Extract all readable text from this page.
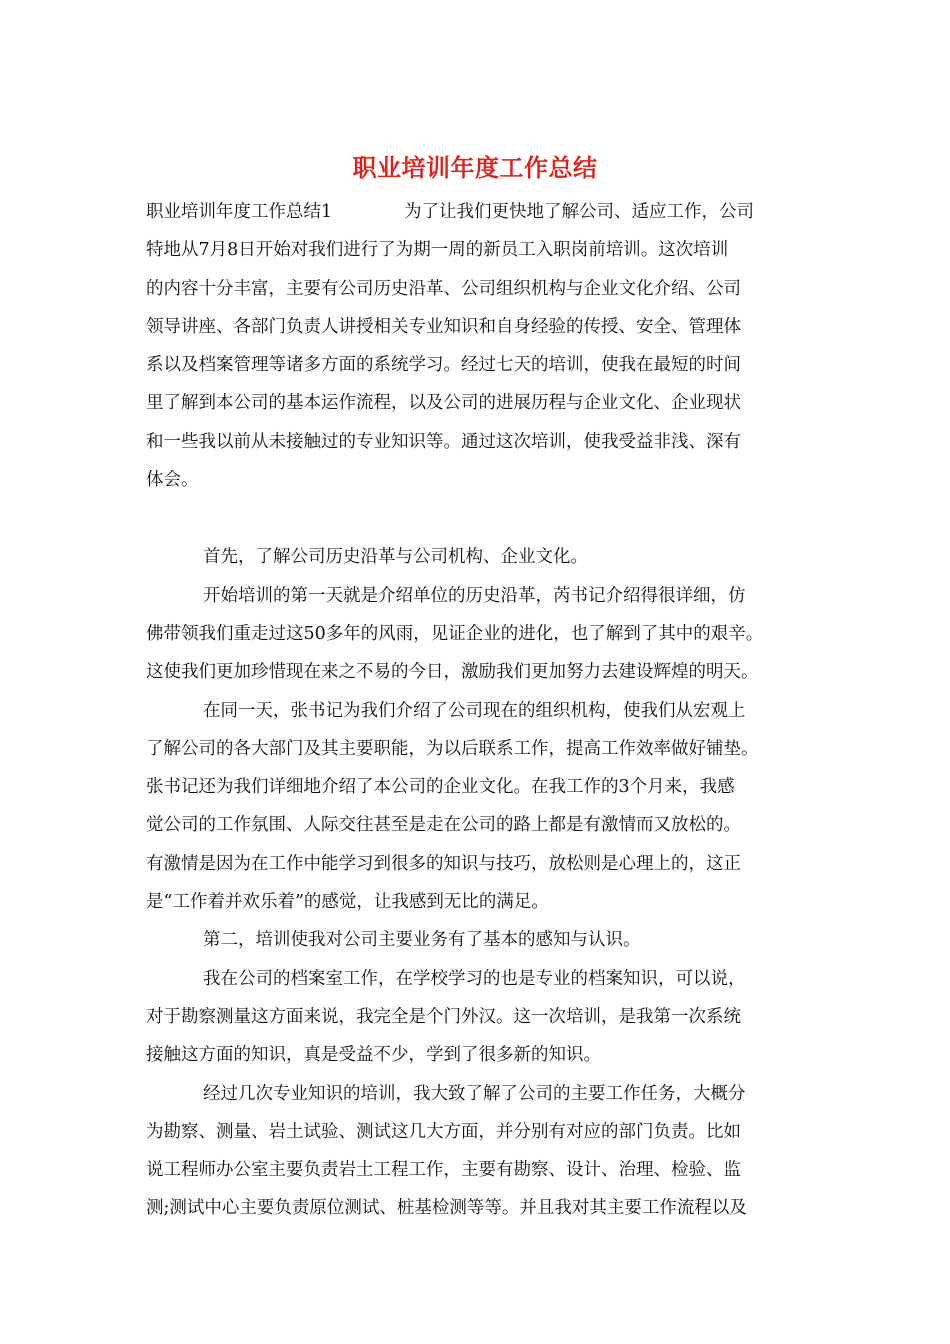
职业培训年度工作总结
职业培训年度工作总结1	为了让我们更快地了解公司、适应工作，公司
特地从7月8日开始对我们进行了为期一周的新员工入职岗前培训。这次培训
的内容十分丰富，主要有公司历史沿革、公司组织机构与企业文化介绍、公司
领导讲座、各部门负责人讲授相关专业知识和自身经验的传授、安全、管理体
系以及档案管理等诸多方面的系统学习。经过七天的培训，使我在最短的时间
里了解到本公司的基本运作流程，以及公司的进展历程与企业文化、企业现状
和一些我以前从未接触过的专业知识等。通过这次培训，使我受益非浅、深有
体会。
首先，了解公司历史沿革与公司机构、企业文化。
开始培训的第一天就是介绍单位的历史沿革，芮书记介绍得很详细，仿
佛带领我们重走过这50多年的风雨，见证企业的进化，也了解到了其中的艰辛。
这使我们更加珍惜现在来之不易的今日，激励我们更加努力去建设辉煌的明天。
在同一天，张书记为我们介绍了公司现在的组织机构，使我们从宏观上
了解公司的各大部门及其主要职能，为以后联系工作，提高工作效率做好铺垫。
张书记还为我们详细地介绍了本公司的企业文化。在我工作的3个月来，我感
觉公司的工作氛围、人际交往甚至是走在公司的路上都是有激情而又放松的。
有激情是因为在工作中能学习到很多的知识与技巧，放松则是心理上的，这正
是“工作着并欢乐着”的感觉，让我感到无比的满足。
第二，培训使我对公司主要业务有了基本的感知与认识。
我在公司的档案室工作，在学校学习的也是专业的档案知识，可以说，
对于勘察测量这方面来说，我完全是个门外汉。这一次培训，是我第一次系统
接触这方面的知识，真是受益不少，学到了很多新的知识。
经过几次专业知识的培训，我大致了解了公司的主要工作任务，大概分
为勘察、测量、岩土试验、测试这几大方面，并分别有对应的部门负责。比如
说工程师办公室主要负责岩土工程工作，主要有勘察、设计、治理、检验、监
测;测试中心主要负责原位测试、桩基检测等等。并且我对其主要工作流程以及
